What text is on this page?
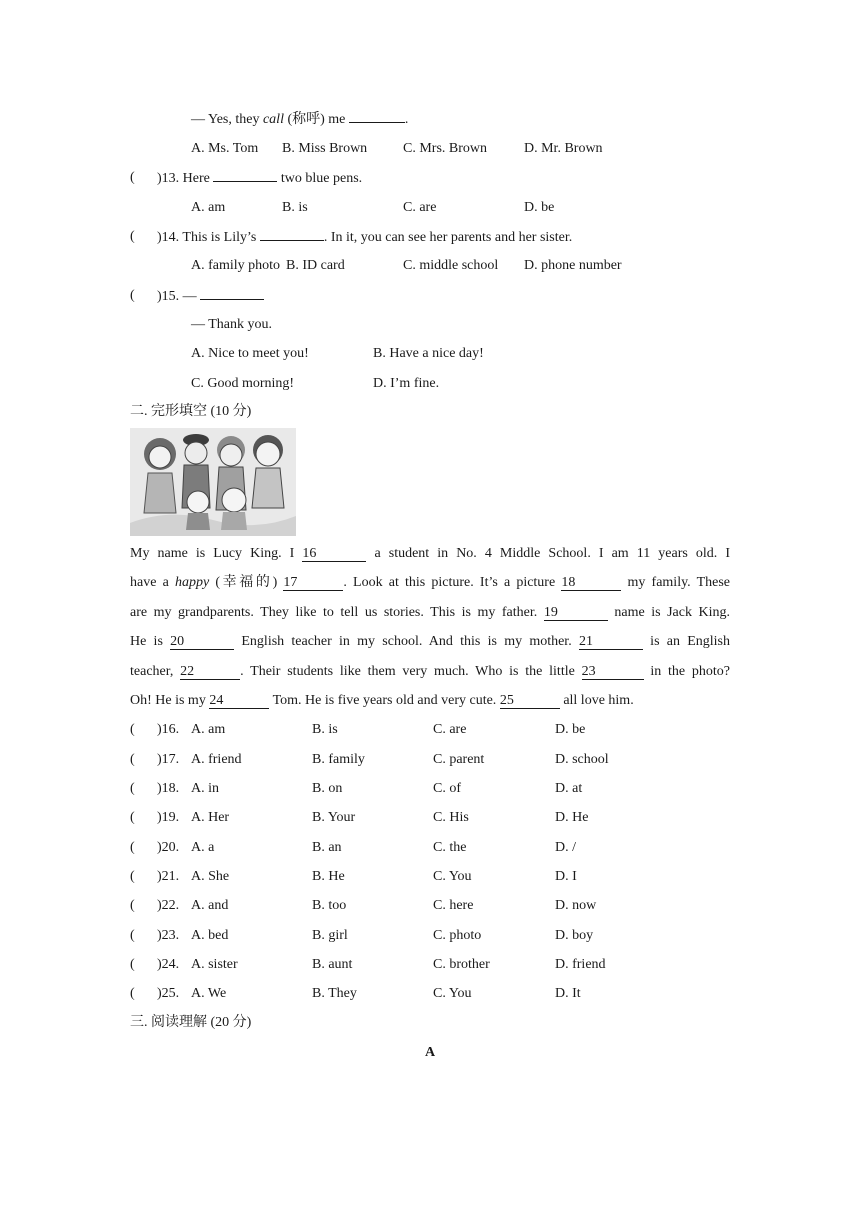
— Yes, they call (称呼) me	.
A. Ms. Tom B. Miss Brown	C. Mrs. Brown	D. Mr. Brown
( )13. Here	two blue pens.
A. am	B. is	C. are	D. be
( )14. This is Lily’s	. In it, you can see her parents and her sister.
A. family photo B. ID card	C. middle school D. phone number
( )15. —
— Thank you.
A. Nice to meet you!	B. Have a nice day!
C. Good morning!	D. I’m fine.
二. 完形填空 (10 分)
My name is Lucy King. I 16	a student in No. 4 Middle School. I am 11 years old. I
have a happy (幸福的) 17	. Look at this picture. It’s a picture 18	my family. These
are my grandparents. They like to tell us stories. This is my father. 19	name is Jack King.
He is 20	English teacher in my school. And this is my mother. 21	is an English
teacher, 22	. Their students like them very much. Who is the little 23	in the photo?
Oh! He is my 24	Tom. He is five years old and very cute. 25	all love him.
( )16. A. am	B. is	C. are	D. be
( )17. A. friend	B. family	C. parent	D. school
( )18. A. in	B. on	C. of	D. at
( )19. A. Her	B. Your	C. His	D. He
( )20. A. a	B. an	C. the	D. /
( )21. A. She	B. He	C. You	D. I
( )22. A. and	B. too	C. here	D. now
( )23. A. bed	B. girl	C. photo	D. boy
( )24. A. sister	B. aunt	C. brother	D. friend
( )25. A. We	B. They	C. You	D. It
三. 阅读理解 (20 分)
A
